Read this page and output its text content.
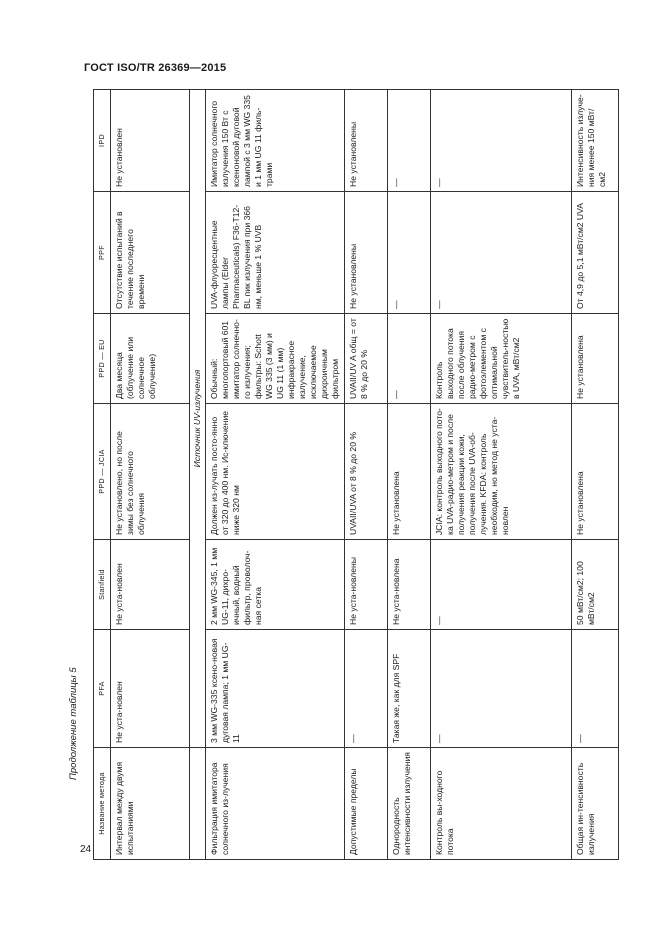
ГОСТ ISO/TR 26369—2015
Продолжение таблицы 5
24
Название метода	PFA	Stanfield	PPD — JCIA	PPD — EU	PPF	IPD
Интервал между двумя испытаниями	Не уста-новлен	Не уста-новлен	Не установлено, но после зимы без солнечного облучения	Два месяца (облучение или солнечное облучение)	Отсутствие испытаний в течение последнего времени	Не установлен
	Источник UV-излучения					
Фильтрация имитатора солнечного из-лучения	3 мм WG-335 ксено-новая дуговая лампа; 1 мм UG-11	2 мм WG-345, 1 мм UG-11, дихро-ичный, водный фильтр, проволоч-ная сетка	Должен из-лучать посто-янно от 320 до 400 нм. Ис-ключение ниже 320 нм	Обычный: многопортовый 601 имитатор солнечно-го излучения; фильтры: Schott WG 335 (3 мм) и UG 11 (1 мм) инфракрасное излучение, исключаемое дихроичным фильтром	UVA-флуоресцентные лампы (Elder Pharmaceuticals) F36-T12-BL пик излучения при 366 нм, меньше 1 % UVB	Имитатор солнечного излучения 150 Вт с ксеноновой дуговой лампой с 3 мм WG 335 и 1 мм UG 11 филь-трами
Допустимые пределы	—	Не уста-новлены	UVAII/UVA от 8 % до 20 %	UVAII/UV A общ = от 8 % до 20 %	Не установлены	Не установлены
Однородность интенсивности излучения	Такая же, как для SPF	Не уста-новлена	Не установлена	—	—	—
Контроль вы-ходного потока	—	—	JCIA: контроль выходного пото-ка UVA-радио-метром и после получения реакции кожи, получения после UVA-об-лучения. KFDA: контроль необходим, но метод не уста-новлен	Контроль выходного потока после облучения радио-метром с фотоэлементом с оптимальной чувствитель-ностью в UVA, мВт/см2	—	—
Общая ин-тенсивность излучения	—	50 мВт/см2; 100 мВт/см2	Не установлена	Не установлена	От 4,9 до 5,1 мВт/см2 UVA	Интенсивность излуче-ния менее 150 мВт/см2
